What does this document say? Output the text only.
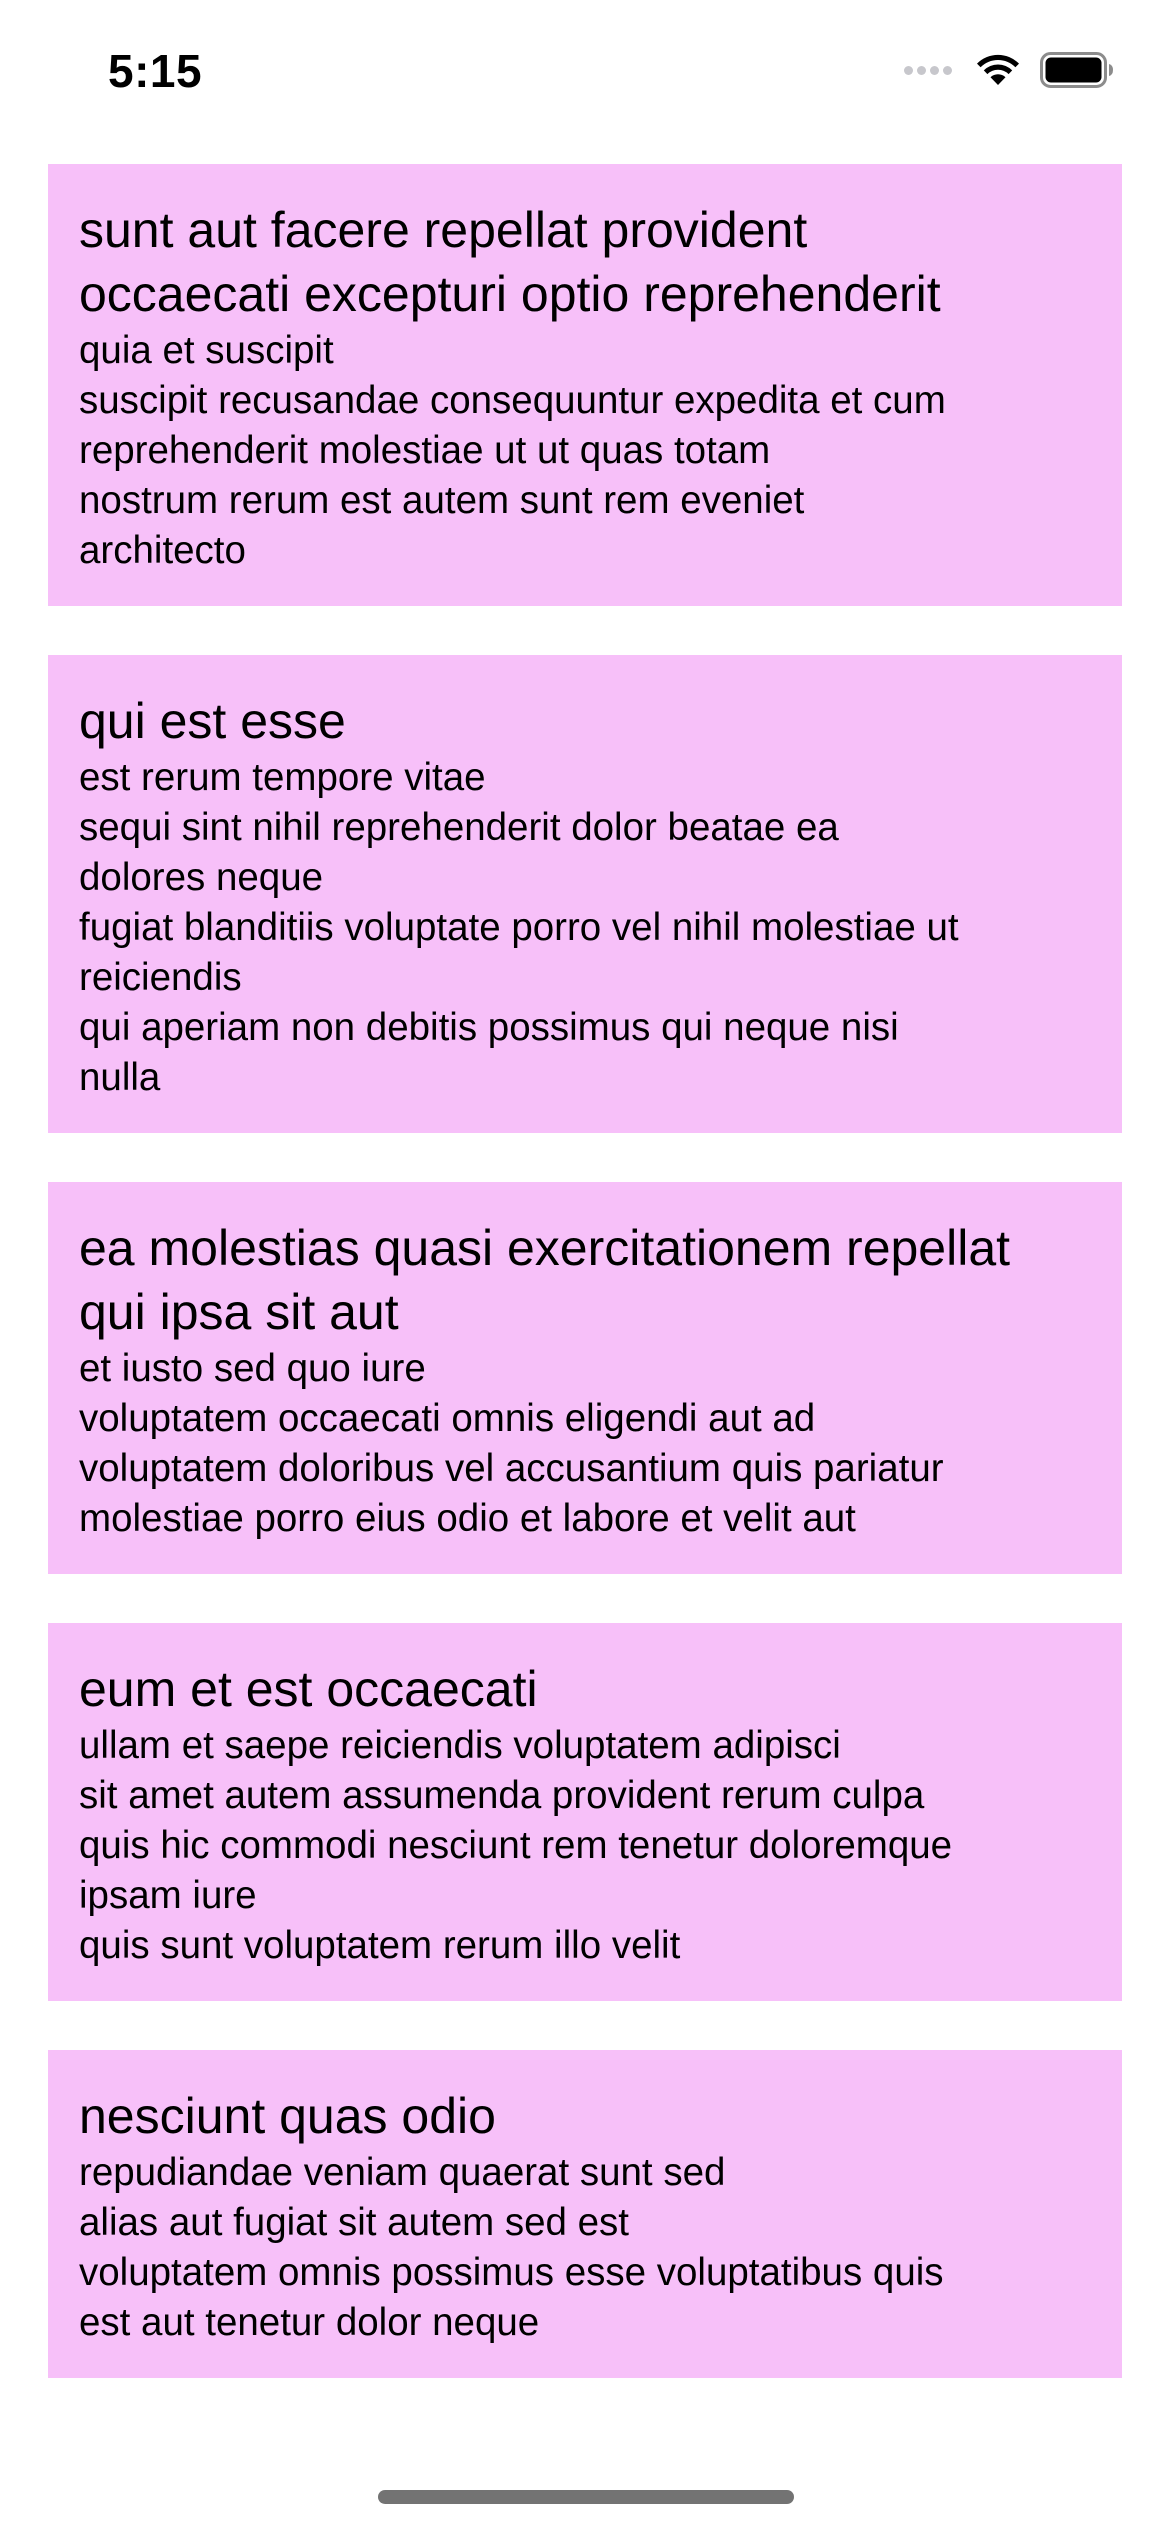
5:15

sunt aut facere repellat provident
occaecati excepturi optio reprehenderit

quia et suscipit
suscipit recusandae consequuntur expedita et cum
reprehenderit molestiae ut ut quas totam
nostrum rerum est autem sunt rem eveniet
architecto

qui est esse

est rerum tempore vitae
sequi sint nihil reprehenderit dolor beatae ea
dolores neque
fugiat blanditiis voluptate porro vel nihil molestiae ut
reiciendis
qui aperiam non debitis possimus qui neque nisi
nulla

ea molestias quasi exercitationem repellat
qui ipsa sit aut

et iusto sed quo iure
voluptatem occaecati omnis eligendi aut ad
voluptatem doloribus vel accusantium quis pariatur
molestiae porro eius odio et labore et velit aut

eum et est occaecati

ullam et saepe reiciendis voluptatem adipisci
sit amet autem assumenda provident rerum culpa
quis hic commodi nesciunt rem tenetur doloremque
ipsam iure
quis sunt voluptatem rerum illo velit

nesciunt quas odio

repudiandae veniam quaerat sunt sed
alias aut fugiat sit autem sed est
voluptatem omnis possimus esse voluptatibus quis
est aut tenetur dolor neque
